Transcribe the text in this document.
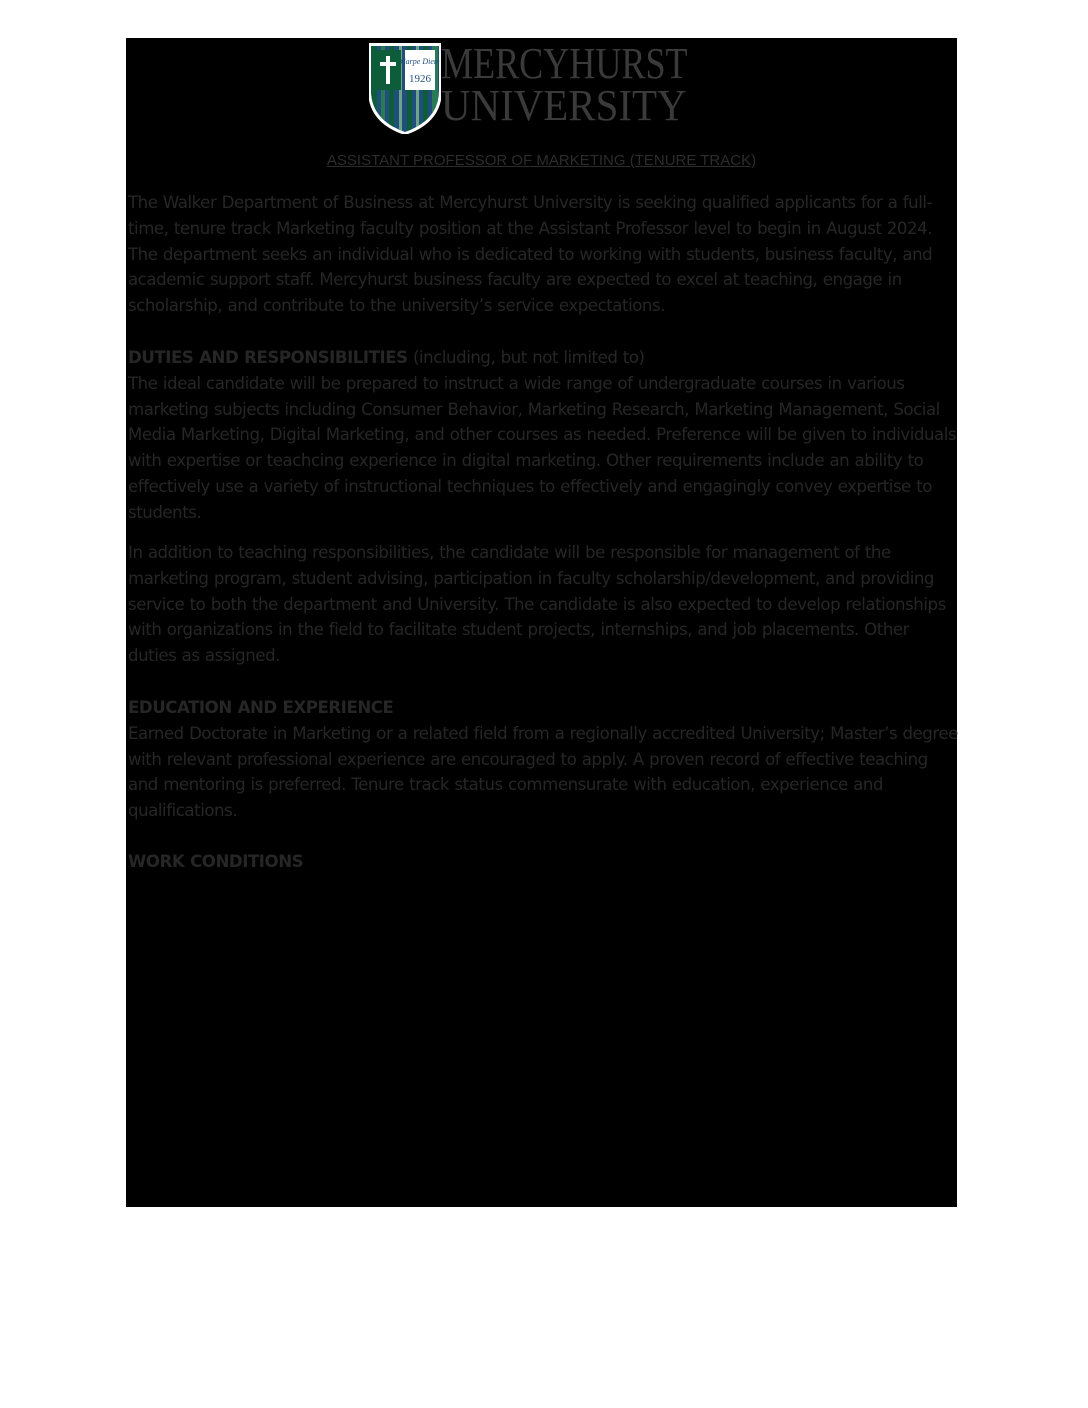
Carpe Diem
1926 MERCYHURST
UNIVERSITY

ASSISTANT PROFESSOR OF MARKETING (TENURE TRACK)

The Walker Department of Business at Mercyhurst University is seeking qualified applicants for a full-time, tenure track Marketing faculty position at the Assistant Professor level to begin in August 2024. The department seeks an individual who is dedicated to working with students, business faculty, and academic support staff. Mercyhurst business faculty are expected to excel at teaching, engage in scholarship, and contribute to the university’s service expectations.

DUTIES AND RESPONSIBILITIES (including, but not limited to)
The ideal candidate will be prepared to instruct a wide range of undergraduate courses in various marketing subjects including Consumer Behavior, Marketing Research, Marketing Management, Social Media Marketing, Digital Marketing, and other courses as needed. Preference will be given to individuals with expertise or teachcing experience in digital marketing. Other requirements include an ability to effectively use a variety of instructional techniques to effectively and engagingly convey expertise to students.

In addition to teaching responsibilities, the candidate will be responsible for management of the marketing program, student advising, participation in faculty scholarship/development, and providing service to both the department and University. The candidate is also expected to develop relationships with organizations in the field to facilitate student projects, internships, and job placements. Other duties as assigned.

EDUCATION AND EXPERIENCE
Earned Doctorate in Marketing or a related field from a regionally accredited University; Master’s degree with relevant professional experience are encouraged to apply. A proven record of effective teaching and mentoring is preferred. Tenure track status commensurate with education, experience and qualifications.

WORK CONDITIONS
